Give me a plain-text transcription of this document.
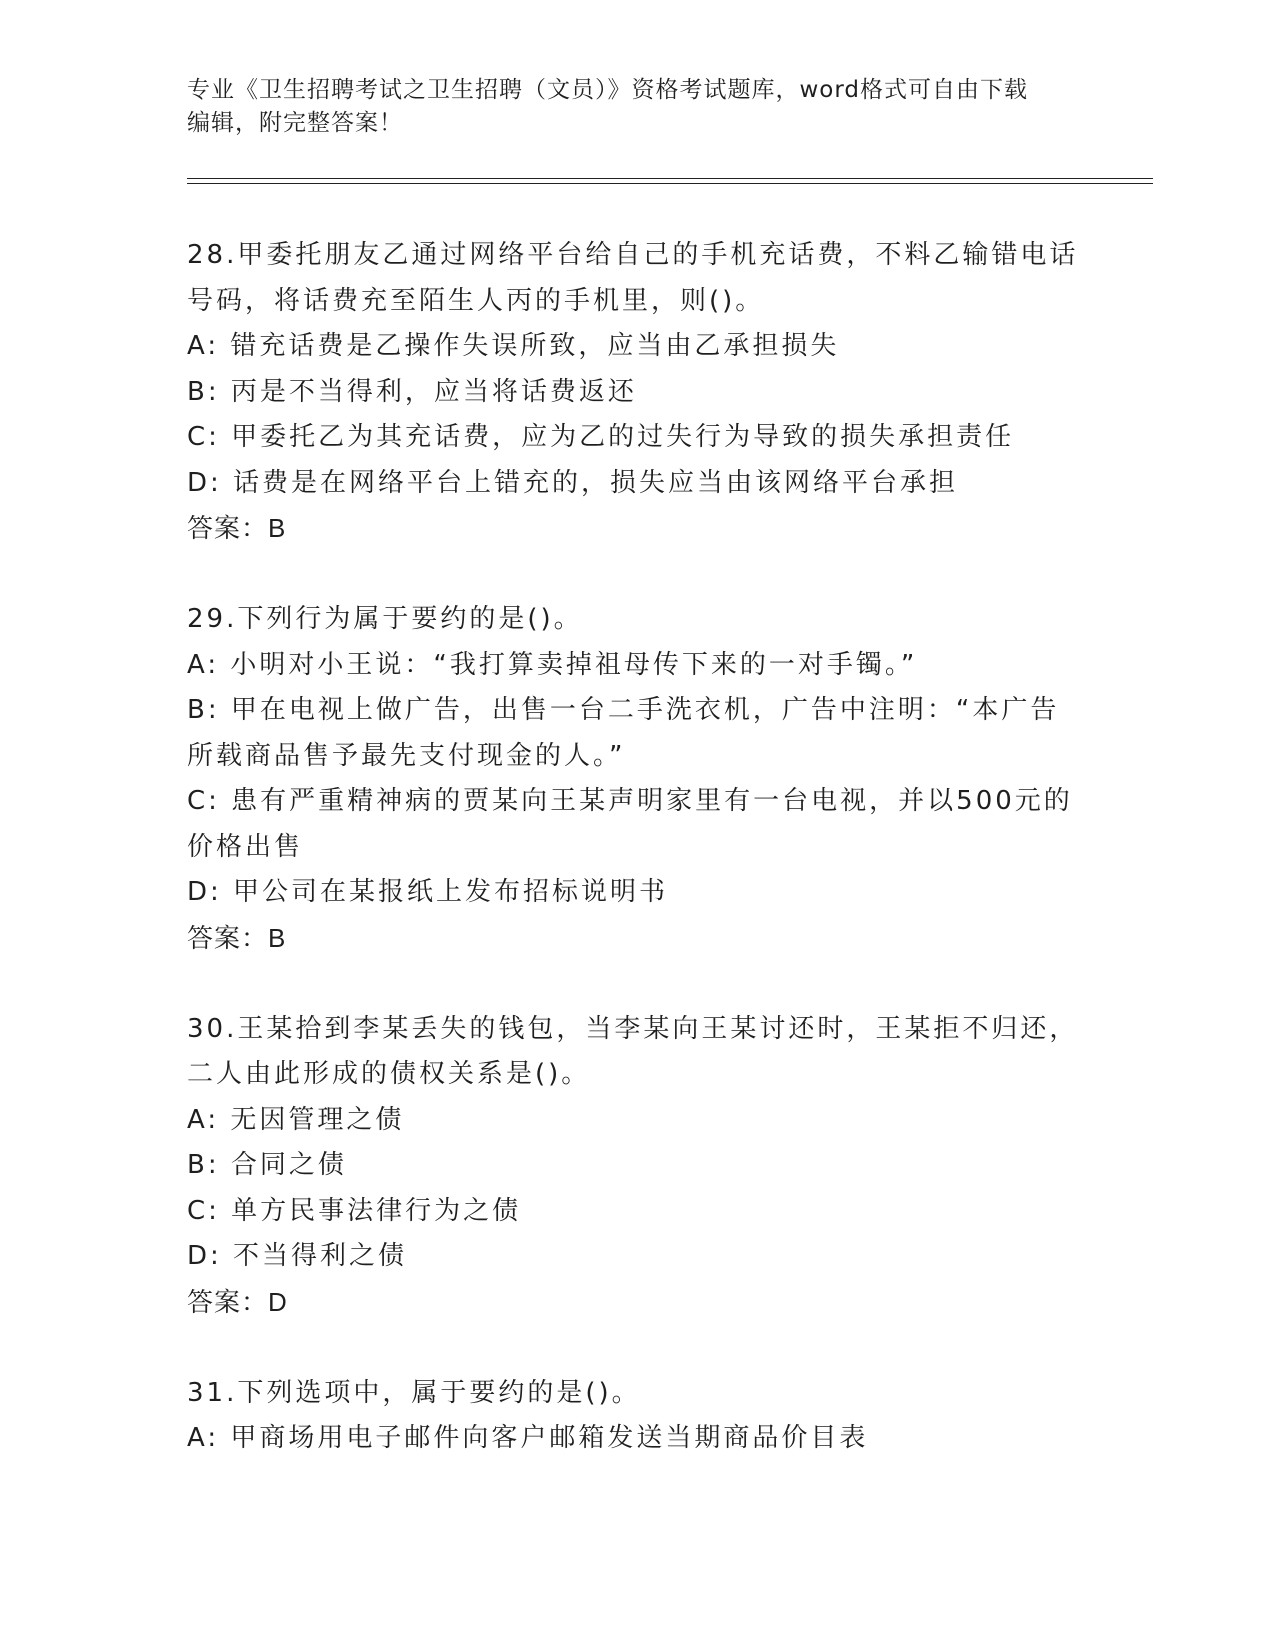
专业《卫生招聘考试之卫生招聘（文员）》资格考试题库，word格式可自由下载
编辑，附完整答案！
28.甲委托朋友乙通过网络平台给自己的手机充话费，不料乙输错电话
号码，将话费充至陌生人丙的手机里，则()。
A: 错充话费是乙操作失误所致，应当由乙承担损失
B: 丙是不当得利，应当将话费返还
C: 甲委托乙为其充话费，应为乙的过失行为导致的损失承担责任
D: 话费是在网络平台上错充的，损失应当由该网络平台承担
答案：B
29.下列行为属于要约的是()。
A: 小明对小王说：“我打算卖掉祖母传下来的一对手镯。”
B: 甲在电视上做广告，出售一台二手洗衣机，广告中注明：“本广告
所载商品售予最先支付现金的人。”
C: 患有严重精神病的贾某向王某声明家里有一台电视，并以500元的
价格出售
D: 甲公司在某报纸上发布招标说明书
答案：B
30.王某拾到李某丢失的钱包，当李某向王某讨还时，王某拒不归还，
二人由此形成的债权关系是()。
A: 无因管理之债
B: 合同之债
C: 单方民事法律行为之债
D: 不当得利之债
答案：D
31.下列选项中，属于要约的是()。
A: 甲商场用电子邮件向客户邮箱发送当期商品价目表
